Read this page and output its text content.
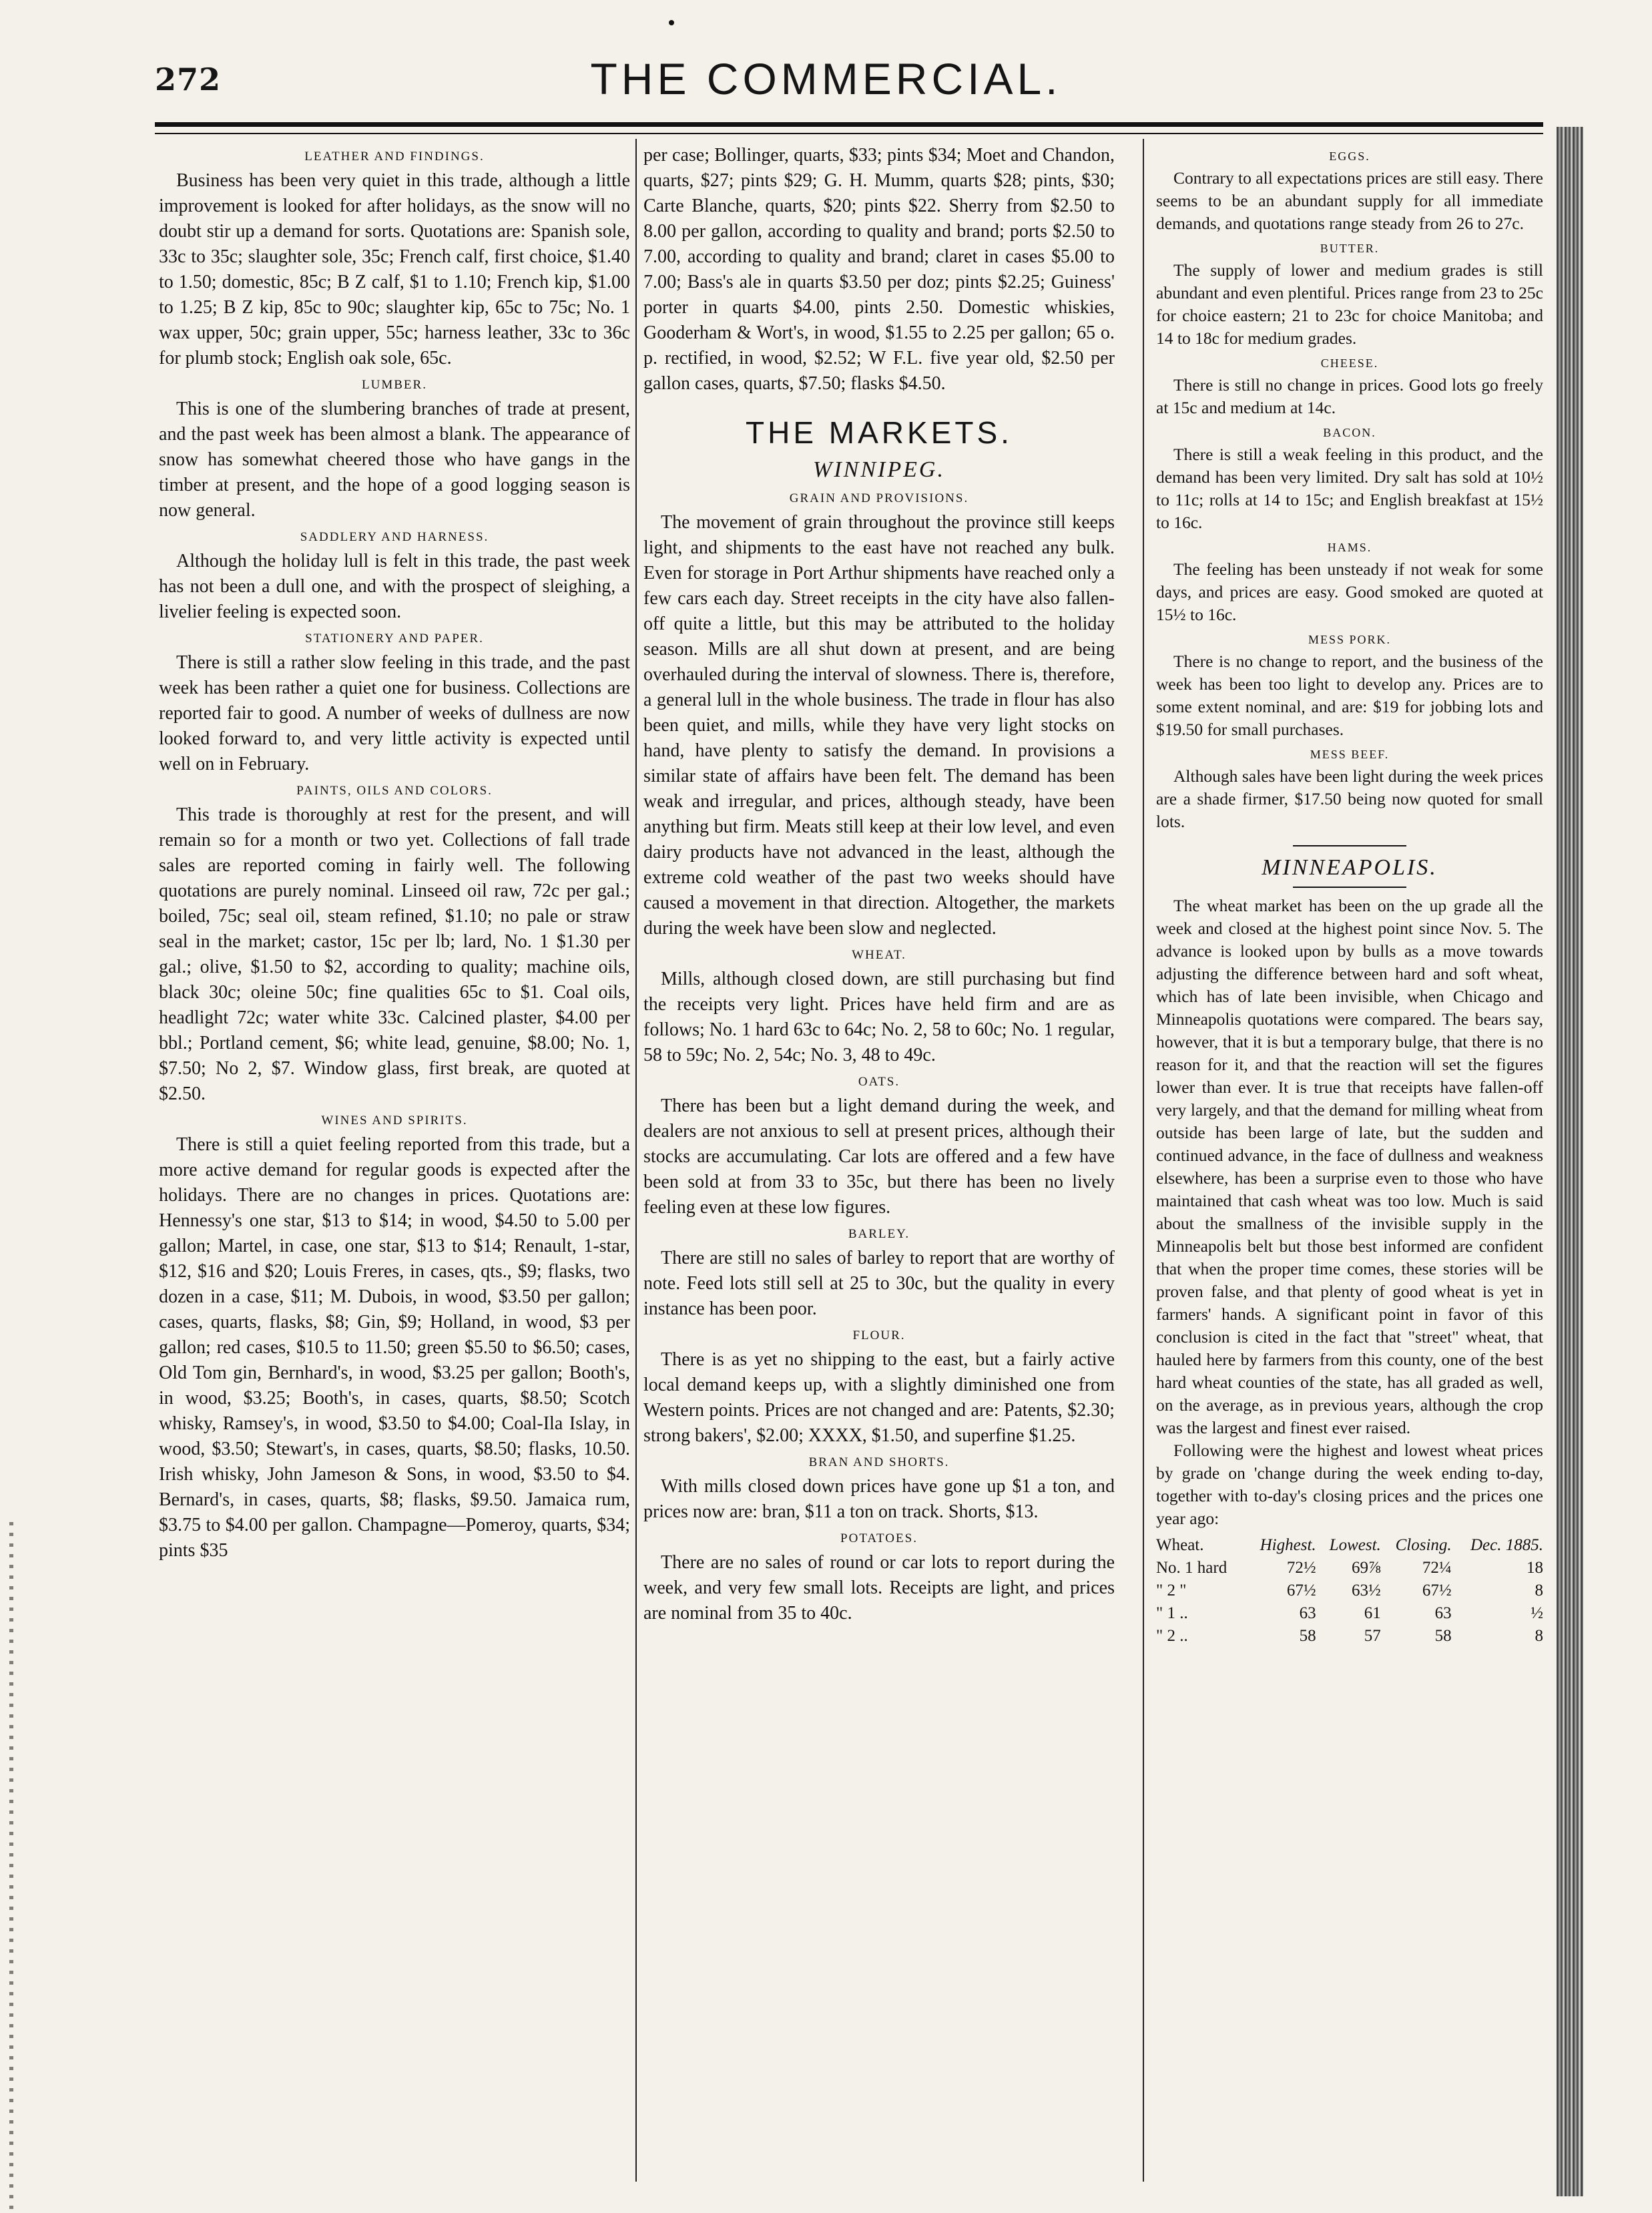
272	THE COMMERCIAL.
LEATHER AND FINDINGS.

Business has been very quiet in this trade, although a little improvement is looked for after holidays, as the snow will no doubt stir up a demand for sorts. Quotations are: Spanish sole, 33c to 35c; slaughter sole, 35c; French calf, first choice, $1.40 to 1.50; domestic, 85c; B Z calf, $1 to 1.10; French kip, $1.00 to 1.25; B Z kip, 85c to 90c; slaughter kip, 65c to 75c; No. 1 wax upper, 50c; grain upper, 55c; harness leather, 33c to 36c for plumb stock; English oak sole, 65c.

LUMBER.

This is one of the slumbering branches of trade at present, and the past week has been almost a blank. The appearance of snow has somewhat cheered those who have gangs in the timber at present, and the hope of a good logging season is now general.

SADDLERY AND HARNESS.

Although the holiday lull is felt in this trade, the past week has not been a dull one, and with the prospect of sleighing, a livelier feeling is expected soon.

STATIONERY AND PAPER.

There is still a rather slow feeling in this trade, and the past week has been rather a quiet one for business. Collections are reported fair to good. A number of weeks of dullness are now looked forward to, and very little activity is expected until well on in February.

PAINTS, OILS AND COLORS.

This trade is thoroughly at rest for the present, and will remain so for a month or two yet. Collections of fall trade sales are reported coming in fairly well. The following quotations are purely nominal. Linseed oil raw, 72c per gal.; boiled, 75c; seal oil, steam refined, $1.10; no pale or straw seal in the market; castor, 15c per lb; lard, No. 1 $1.30 per gal.; olive, $1.50 to $2, according to quality; machine oils, black 30c; oleine 50c; fine qualities 65c to $1. Coal oils, headlight 72c; water white 33c. Calcined plaster, $4.00 per bbl.; Portland cement, $6; white lead, genuine, $8.00; No. 1, $7.50; No 2, $7. Window glass, first break, are quoted at $2.50.

WINES AND SPIRITS.

There is still a quiet feeling reported from this trade, but a more active demand for regular goods is expected after the holidays. There are no changes in prices. Quotations are: Hennessy's one star, $13 to $14; in wood, $4.50 to 5.00 per gallon; Martel, in case, one star, $13 to $14; Renault, 1-star, $12, $16 and $20; Louis Freres, in cases, qts., $9; flasks, two dozen in a case, $11; M. Dubois, in wood, $3.50 per gallon; cases, quarts, flasks, $8; Gin, $9; Holland, in wood, $3 per gallon; red cases, $10.5 to 11.50; green $5.50 to $6.50; cases, Old Tom gin, Bernhard's, in wood, $3.25 per gallon; Booth's, in wood, $3.25; Booth's, in cases, quarts, $8.50; Scotch whisky, Ramsey's, in wood, $3.50 to $4.00; Coal-Ila Islay, in wood, $3.50; Stewart's, in cases, quarts, $8.50; flasks, 10.50. Irish whisky, John Jameson & Sons, in wood, $3.50 to $4. Bernard's, in cases, quarts, $8; flasks, $9.50. Jamaica rum, $3.75 to $4.00 per gallon. Champagne—Pomeroy, quarts, $34; pints $35

per case; Bollinger, quarts, $33; pints $34; Moet and Chandon, quarts, $27; pints $29; G. H. Mumm, quarts $28; pints, $30; Carte Blanche, quarts, $20; pints $22. Sherry from $2.50 to 8.00 per gallon, according to quality and brand; ports $2.50 to 7.00, according to quality and brand; claret in cases $5.00 to 7.00; Bass's ale in quarts $3.50 per doz; pints $2.25; Guiness' porter in quarts $4.00, pints 2.50. Domestic whiskies, Gooderham & Wort's, in wood, $1.55 to 2.25 per gallon; 65 o. p. rectified, in wood, $2.52; W F.L. five year old, $2.50 per gallon cases, quarts, $7.50; flasks $4.50.

THE MARKETS.
WINNIPEG.
GRAIN AND PROVISIONS.

The movement of grain throughout the province still keeps light, and shipments to the east have not reached any bulk. Even for storage in Port Arthur shipments have reached only a few cars each day. Street receipts in the city have also fallen-off quite a little, but this may be attributed to the holiday season. Mills are all shut down at present, and are being overhauled during the interval of slowness. There is, therefore, a general lull in the whole business. The trade in flour has also been quiet, and mills, while they have very light stocks on hand, have plenty to satisfy the demand. In provisions a similar state of affairs have been felt. The demand has been weak and irregular, and prices, although steady, have been anything but firm. Meats still keep at their low level, and even dairy products have not advanced in the least, although the extreme cold weather of the past two weeks should have caused a movement in that direction. Altogether, the markets during the week have been slow and neglected.

WHEAT.

Mills, although closed down, are still purchasing but find the receipts very light. Prices have held firm and are as follows; No. 1 hard 63c to 64c; No. 2, 58 to 60c; No. 1 regular, 58 to 59c; No. 2, 54c; No. 3, 48 to 49c.

OATS.

There has been but a light demand during the week, and dealers are not anxious to sell at present prices, although their stocks are accumulating. Car lots are offered and a few have been sold at from 33 to 35c, but there has been no lively feeling even at these low figures.

BARLEY.

There are still no sales of barley to report that are worthy of note. Feed lots still sell at 25 to 30c, but the quality in every instance has been poor.

FLOUR.

There is as yet no shipping to the east, but a fairly active local demand keeps up, with a slightly diminished one from Western points. Prices are not changed and are: Patents, $2.30; strong bakers', $2.00; XXXX, $1.50, and superfine $1.25.

BRAN AND SHORTS.

With mills closed down prices have gone up $1 a ton, and prices now are: bran, $11 a ton on track. Shorts, $13.

POTATOES.

There are no sales of round or car lots to report during the week, and very few small lots. Receipts are light, and prices are nominal from 35 to 40c.

EGGS.

Contrary to all expectations prices are still easy. There seems to be an abundant supply for all immediate demands, and quotations range steady from 26 to 27c.

BUTTER.

The supply of lower and medium grades is still abundant and even plentiful. Prices range from 23 to 25c for choice eastern; 21 to 23c for choice Manitoba; and 14 to 18c for medium grades.

CHEESE.

There is still no change in prices. Good lots go freely at 15c and medium at 14c.

BACON.

There is still a weak feeling in this product, and the demand has been very limited. Dry salt has sold at 10½ to 11c; rolls at 14 to 15c; and English breakfast at 15½ to 16c.

HAMS.

The feeling has been unsteady if not weak for some days, and prices are easy. Good smoked are quoted at 15½ to 16c.

MESS PORK.

There is no change to report, and the business of the week has been too light to develop any. Prices are to some extent nominal, and are: $19 for jobbing lots and $19.50 for small purchases.

MESS BEEF.

Although sales have been light during the week prices are a shade firmer, $17.50 being now quoted for small lots.

MINNEAPOLIS.

The wheat market has been on the up grade all the week and closed at the highest point since Nov. 5. The advance is looked upon by bulls as a move towards adjusting the difference between hard and soft wheat, which has of late been invisible, when Chicago and Minneapolis quotations were compared. The bears say, however, that it is but a temporary bulge, that there is no reason for it, and that the reaction will set the figures lower than ever. It is true that receipts have fallen-off very largely, and that the demand for milling wheat from outside has been large of late, but the sudden and continued advance, in the face of dullness and weakness elsewhere, has been a surprise even to those who have maintained that cash wheat was too low. Much is said about the smallness of the invisible supply in the Minneapolis belt but those best informed are confident that when the proper time comes, these stories will be proven false, and that plenty of good wheat is yet in farmers' hands. A significant point in favor of this conclusion is cited in the fact that "street" wheat, that hauled here by farmers from this county, one of the best hard wheat counties of the state, has all graded as well, on the average, as in previous years, although the crop was the largest and finest ever raised.

Following were the highest and lowest wheat prices by grade on 'change during the week ending to-day, together with to-day's closing prices and the prices one year ago:

Wheat.	Highest.	Lowest.	Closing.	Dec. 1885.
No. 1 hard	72½	69⅞	72¼	18
" 2 "	67½	63½	67½	8
" 1 ..	63	61	63	½
" 2 ..	58	57	58	8
